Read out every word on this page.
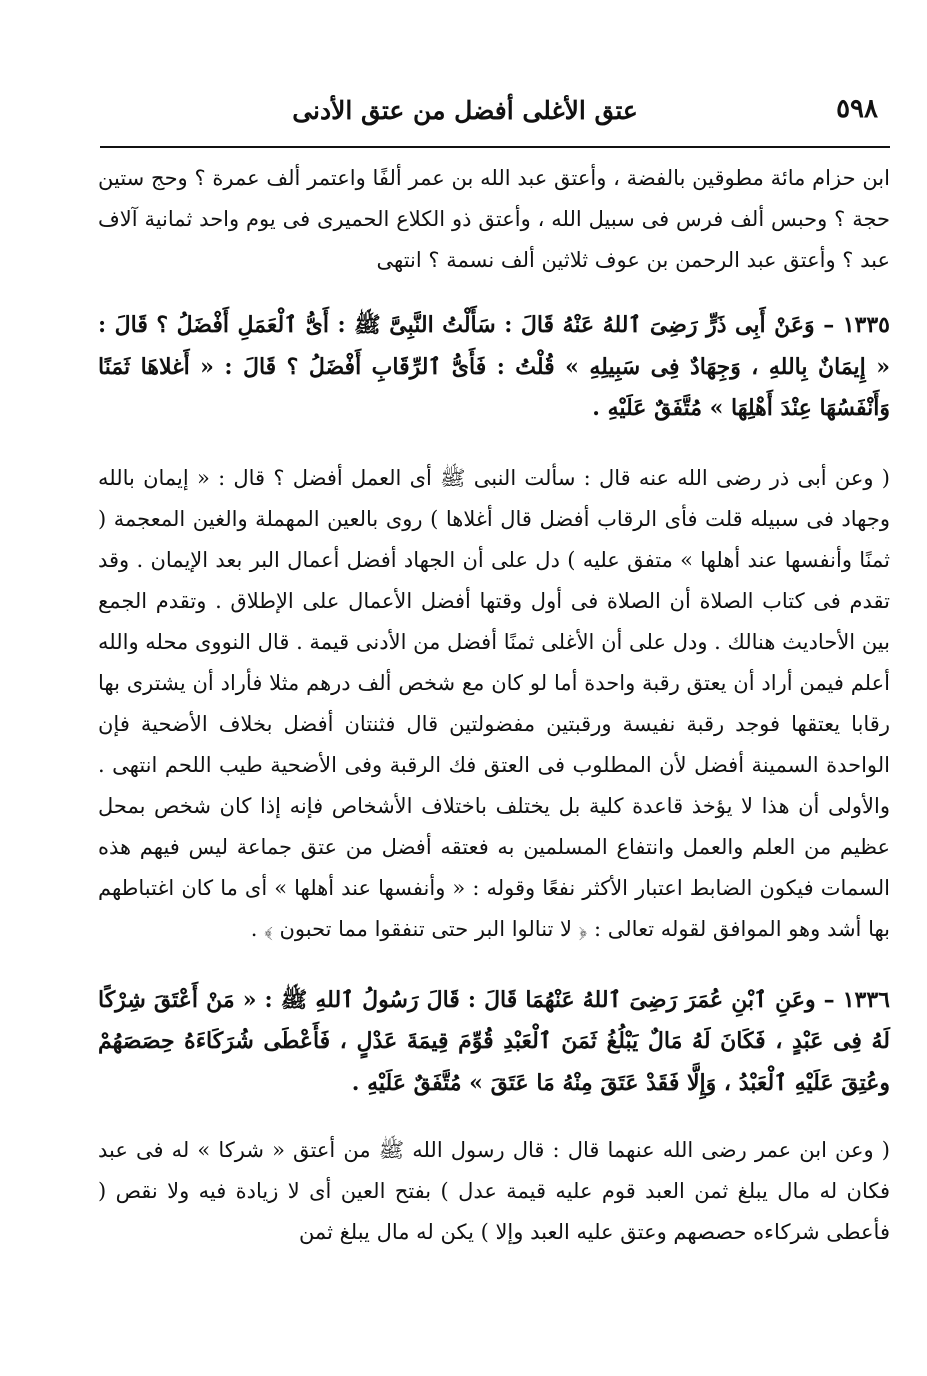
٥٩٨
عتق الأغلى أفضل من عتق الأدنى

ابن حزام مائة مطوقين بالفضة ، وأعتق عبد الله بن عمر ألفًا واعتمر ألف عمرة ؟ وحج ستين حجة ؟ وحبس ألف فرس فى سبيل الله ، وأعتق ذو الكلاع الحميرى فى يوم واحد ثمانية آلاف عبد ؟ وأعتق عبد الرحمن بن عوف ثلاثين ألف نسمة ؟ انتهى

١٣٣٥ – وَعَنْ أَبِى ذَرٍّ رَضِىَ ٱللهُ عَنْهُ قَالَ : سَأَلْتُ النَّبِىَّ ﷺ : أَىُّ ٱلْعَمَلِ أَفْضَلُ ؟ قَالَ : « إِيمَانٌ بِاللهِ ، وَجِهَادٌ فِى سَبِيلِهِ » قُلْتُ : فَأَىُّ ٱلرِّقَابِ أَفْضَلُ ؟ قَالَ : « أَغلاهَا ثَمَنًا وَأَنْفَسُهَا عِنْدَ أَهْلِهَا » مُتَّفَقٌ عَلَيْهِ .

( وعن أبى ذر رضى الله عنه قال : سألت النبى ﷺ أى العمل أفضل ؟ قال : « إيمان بالله وجهاد فى سبيله قلت فأى الرقاب أفضل قال أغلاها ) روى بالعين المهملة والغين المعجمة ( ثمنًا وأنفسها عند أهلها » متفق عليه ) دل على أن الجهاد أفضل أعمال البر بعد الإيمان . وقد تقدم فى كتاب الصلاة أن الصلاة فى أول وقتها أفضل الأعمال على الإطلاق . وتقدم الجمع بين الأحاديث هنالك . ودل على أن الأغلى ثمنًا أفضل من الأدنى قيمة . قال النووى محله والله أعلم فيمن أراد أن يعتق رقبة واحدة أما لو كان مع شخص ألف درهم مثلا فأراد أن يشترى بها رقابا يعتقها فوجد رقبة نفيسة ورقبتين مفضولتين قال فثنتان أفضل بخلاف الأضحية فإن الواحدة السمينة أفضل لأن المطلوب فى العتق فك الرقبة وفى الأضحية طيب اللحم انتهى . والأولى أن هذا لا يؤخذ قاعدة كلية بل يختلف باختلاف الأشخاص فإنه إذا كان شخص بمحل عظيم من العلم والعمل وانتفاع المسلمين به فعتقه أفضل من عتق جماعة ليس فيهم هذه السمات فيكون الضابط اعتبار الأكثر نفعًا وقوله : « وأنفسها عند أهلها » أى ما كان اغتباطهم بها أشد وهو الموافق لقوله تعالى : ﴿ لا تنالوا البر حتى تنفقوا مما تحبون ﴾ .

١٣٣٦ – وعَنِ ٱبْنِ عُمَرَ رَضِىَ ٱللهُ عَنْهُمَا قَالَ : قَالَ رَسُولُ ٱللهِ ﷺ : « مَنْ أَعْتَقَ شِرْكًا لَهُ فِى عَبْدٍ ، فَكَانَ لَهُ مَالٌ يَبْلُغُ ثَمَنَ ٱلْعَبْدِ قُوِّمَ قِيمَةَ عَدْلٍ ، فَأَعْطَى شُرَكَاءَهُ حِصَصَهُمْ وعُتِقَ عَلَيْهِ ٱلْعَبْدُ ، وَإِلَّا فَقَدْ عَتَقَ مِنْهُ مَا عَتَقَ » مُتَّفَقٌ عَلَيْهِ .

( وعن ابن عمر رضى الله عنهما قال : قال رسول الله ﷺ من أعتق « شركا » له فى عبد فكان له مال يبلغ ثمن العبد قوم عليه قيمة عدل ) بفتح العين أى لا زيادة فيه ولا نقص ( فأعطى شركاءه حصصهم وعتق عليه العبد وإلا ) يكن له مال يبلغ ثمن
